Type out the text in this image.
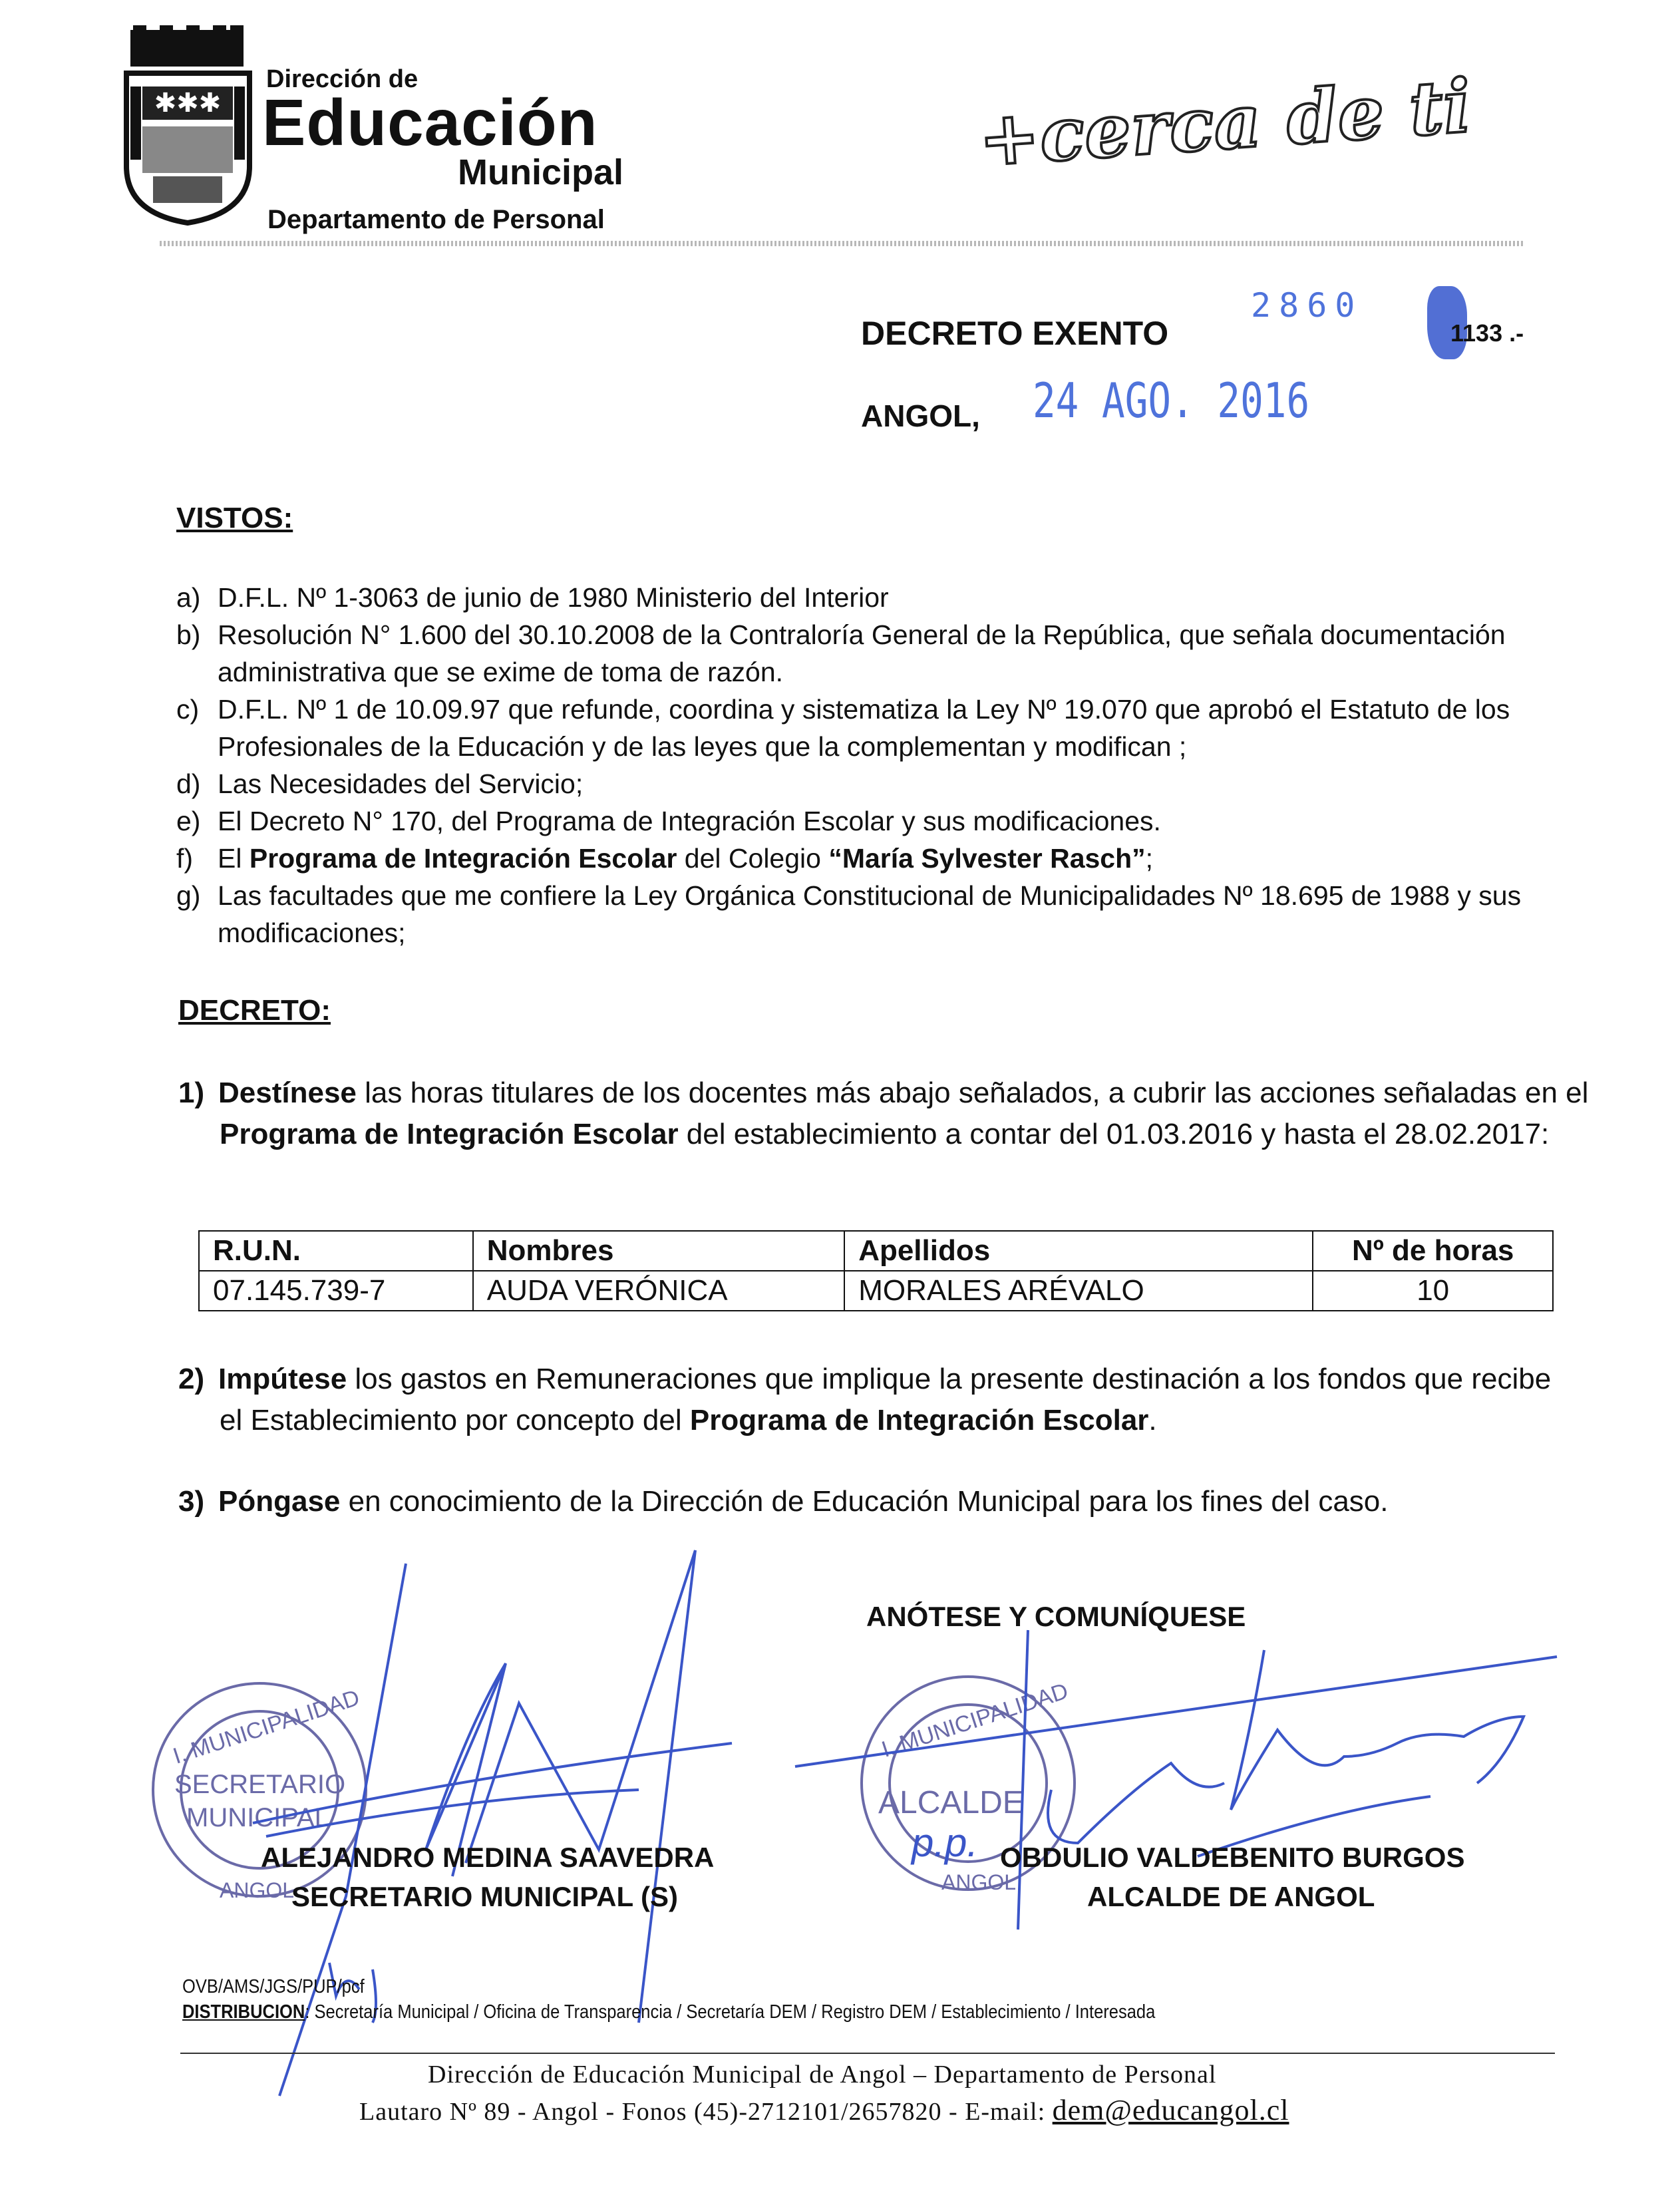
✱✱✱
Dirección de
Educación
Municipal
Departamento de Personal
+cerca de ti
DECRETO EXENTO
2860
1133 .-
ANGOL, 24 AGO. 2016
VISTOS:
a) D.F.L. Nº 1-3063 de junio de 1980 Ministerio del Interior
b) Resolución N° 1.600 del 30.10.2008 de la Contraloría General de la República, que señala documentación
administrativa que se exime de toma de razón.
c) D.F.L. Nº 1 de 10.09.97 que refunde, coordina y sistematiza la Ley Nº 19.070 que aprobó el Estatuto de los
Profesionales de la Educación y de las leyes que la complementan y modifican ;
d) Las Necesidades del Servicio;
e) El Decreto N° 170, del Programa de Integración Escolar y sus modificaciones.
f) El Programa de Integración Escolar del Colegio “María Sylvester Rasch”;
g) Las facultades que me confiere la Ley Orgánica Constitucional de Municipalidades Nº 18.695 de 1988 y sus
modificaciones;
DECRETO:
1) Destínese las horas titulares de los docentes más abajo señalados, a cubrir las acciones señaladas en el
Programa de Integración Escolar del establecimiento a contar del 01.03.2016 y hasta el 28.02.2017:
2) Impútese los gastos en Remuneraciones que implique la presente destinación a los fondos que recibe
el Establecimiento por concepto del Programa de Integración Escolar.
3) Póngase en conocimiento de la Dirección de Educación Municipal para los fines del caso.
R.U.N.	Nombres	Apellidos	Nº de horas
07.145.739-7	AUDA VERÓNICA	MORALES ARÉVALO	10
ANÓTESE Y COMUNÍQUESE
I. MUNICIPALIDAD
SECRETARIO
MUNICIPAL
ANGOL
I. MUNICIPALIDAD
ALCALDE
ANGOL
p.p.
ALEJANDRO MEDINA SAAVEDRA
SECRETARIO MUNICIPAL (S)
OBDULIO VALDEBENITO BURGOS
ALCALDE DE ANGOL
OVB/AMS/JGS/PUP/pcf
DISTRIBUCION: Secretaría Municipal / Oficina de Transparencia / Secretaría DEM / Registro DEM / Establecimiento / Interesada
Dirección de Educación Municipal de Angol – Departamento de Personal
Lautaro Nº 89 - Angol - Fonos (45)-2712101/2657820 - E-mail: dem@educangol.cl
